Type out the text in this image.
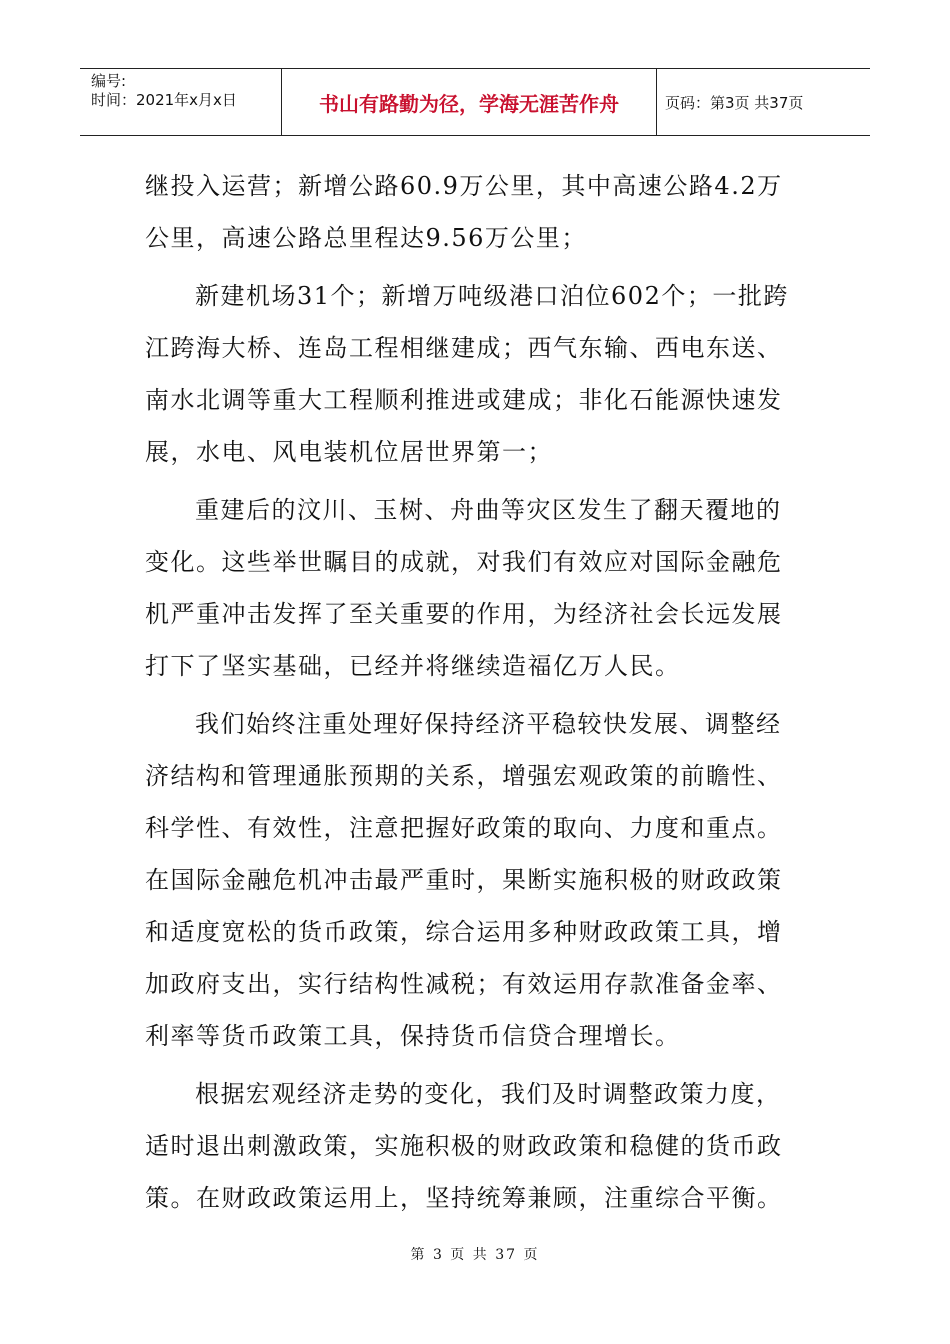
编号:
时间：2021年x月x日	书山有路勤为径，学海无涯苦作舟	页码：第3页 共37页

继投入运营；新增公路60.9万公里，其中高速公路4.2万公里，高速公路总里程达9.56万公里；

新建机场31个；新增万吨级港口泊位602个；一批跨江跨海大桥、连岛工程相继建成；西气东输、西电东送、南水北调等重大工程顺利推进或建成；非化石能源快速发展，水电、风电装机位居世界第一；

重建后的汶川、玉树、舟曲等灾区发生了翻天覆地的变化。这些举世瞩目的成就，对我们有效应对国际金融危机严重冲击发挥了至关重要的作用，为经济社会长远发展打下了坚实基础，已经并将继续造福亿万人民。

我们始终注重处理好保持经济平稳较快发展、调整经济结构和管理通胀预期的关系，增强宏观政策的前瞻性、科学性、有效性，注意把握好政策的取向、力度和重点。在国际金融危机冲击最严重时，果断实施积极的财政政策和适度宽松的货币政策，综合运用多种财政政策工具，增加政府支出，实行结构性减税；有效运用存款准备金率、利率等货币政策工具，保持货币信贷合理增长。

根据宏观经济走势的变化，我们及时调整政策力度，适时退出刺激政策，实施积极的财政政策和稳健的货币政策。在财政政策运用上，坚持统筹兼顾，注重综合平衡。

第 3 页 共 37 页
